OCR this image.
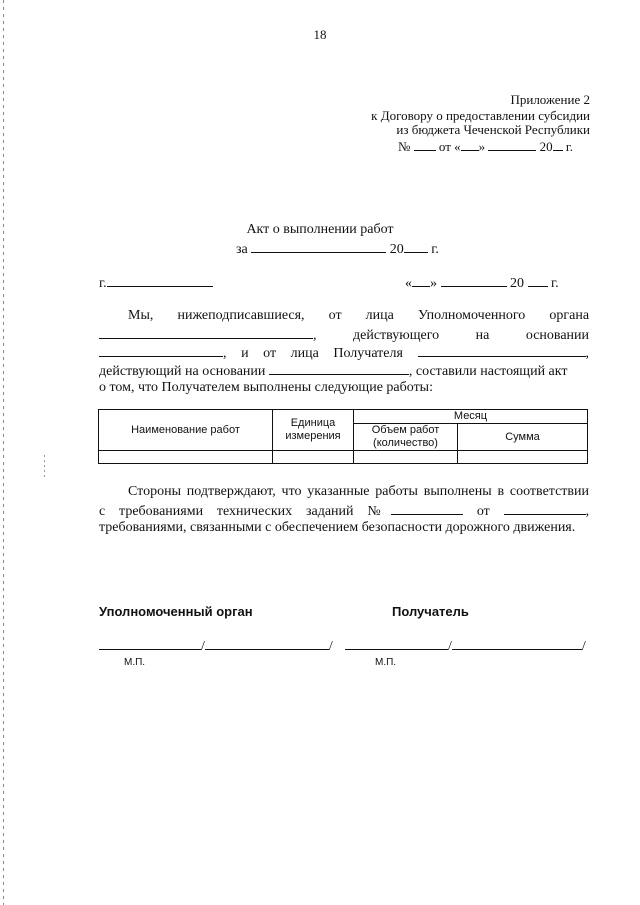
18
Приложение 2
к Договору о предоставлении субсидии
из бюджета Чеченской Республики
№ от « »	20 г.
Акт о выполнении работ
за	20 г.
г.	« »	20 г.
Мы, нижеподписавшиеся, от лица Уполномоченного органа
,	действующего	на	основании
, и от лица Получателя	,
действующий на основании	, составили настоящий акт
о том, что Получателем выполнены следующие работы:
Наименование работ	Единица измерения	Месяц	
		Объем работ (количество)	Сумма

Стороны подтверждают, что указанные работы выполнены в соответствии
с требованиями технических заданий №	от	,
требованиями, связанными с обеспечением безопасности дорожного движения.
Уполномоченный орган	Получатель
/	/	/	/
М.П.	М.П.
